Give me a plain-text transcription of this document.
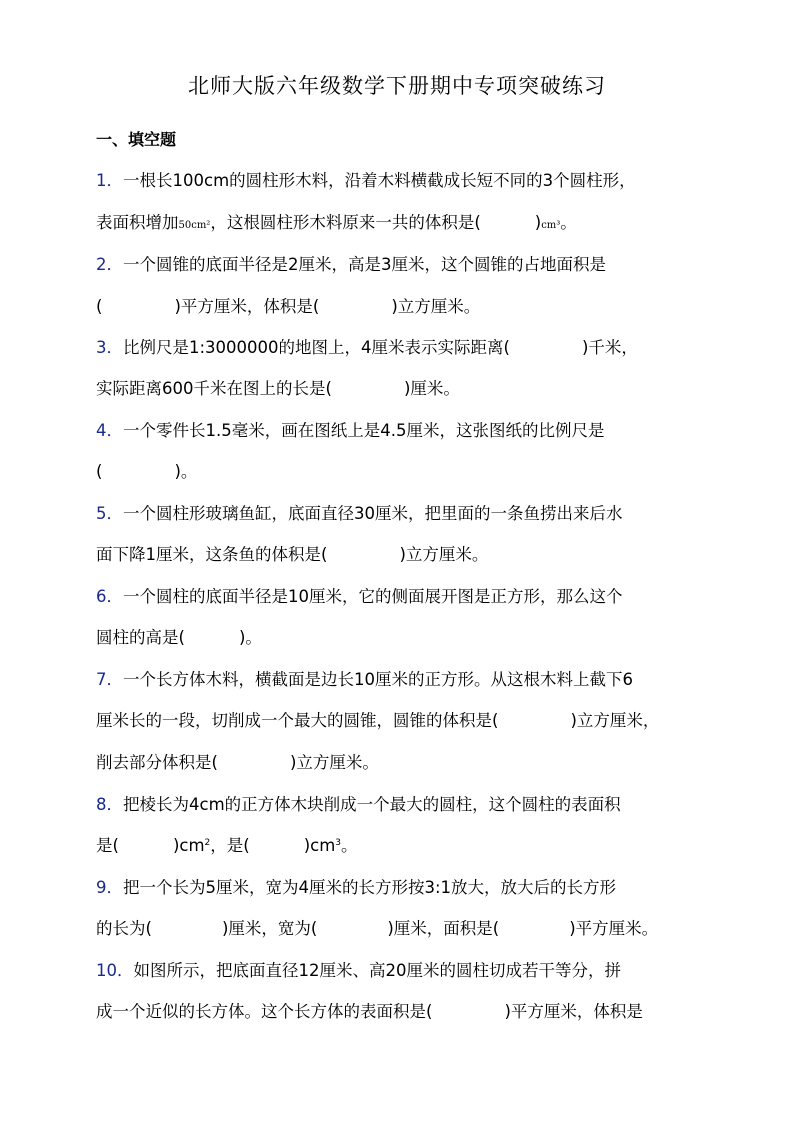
北师大版六年级数学下册期中专项突破练习
一、填空题
1．一根长100cm的圆柱形木料，沿着木料横截成长短不同的3个圆柱形，
表面积增加50cm²，这根圆柱形木料原来一共的体积是(	)cm³。
2．一个圆锥的底面半径是2厘米，高是3厘米，这个圆锥的占地面积是
(	)平方厘米，体积是(	)立方厘米。
3．比例尺是1:3000000的地图上，4厘米表示实际距离(	)千米，
实际距离600千米在图上的长是(	)厘米。
4．一个零件长1.5毫米，画在图纸上是4.5厘米，这张图纸的比例尺是
(	)。
5．一个圆柱形玻璃鱼缸，底面直径30厘米，把里面的一条鱼捞出来后水
面下降1厘米，这条鱼的体积是(	)立方厘米。
6．一个圆柱的底面半径是10厘米，它的侧面展开图是正方形，那么这个
圆柱的高是(	)。
7．一个长方体木料，横截面是边长10厘米的正方形。从这根木料上截下6
厘米长的一段，切削成一个最大的圆锥，圆锥的体积是(	)立方厘米，
削去部分体积是(	)立方厘米。
8．把棱长为4cm的正方体木块削成一个最大的圆柱，这个圆柱的表面积
是(	)$cm^2$，是(	)$cm^3$。
9．把一个长为5厘米，宽为4厘米的长方形按3:1放大，放大后的长方形
的长为(	)厘米，宽为(	)厘米，面积是(	)平方厘米。
10．如图所示，把底面直径12厘米、高20厘米的圆柱切成若干等分，拼
成一个近似的长方体。这个长方体的表面积是(	)平方厘米，体积是
